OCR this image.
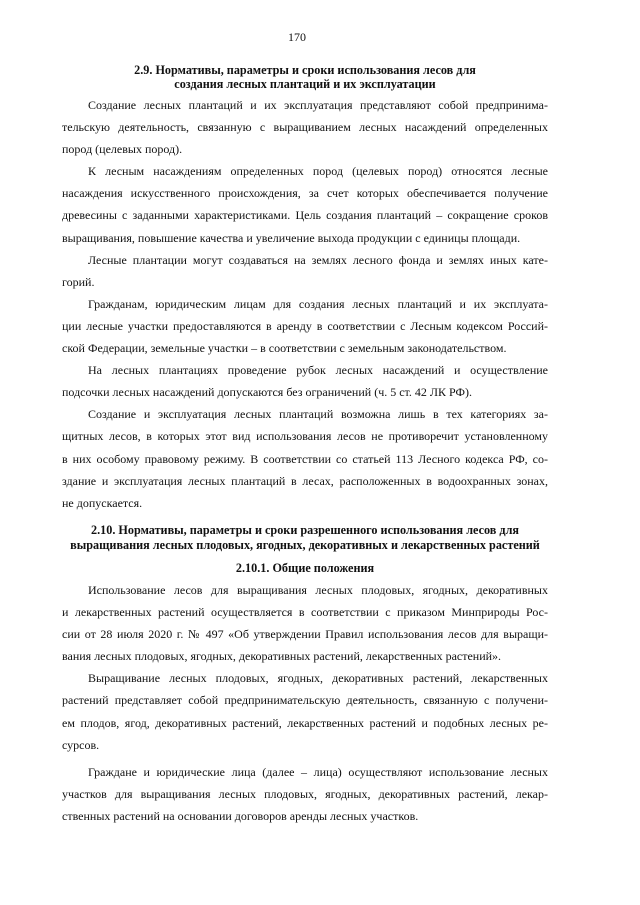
170
2.9. Нормативы, параметры и сроки использования лесов для
создания лесных плантаций и их эксплуатации
Создание лесных плантаций и их эксплуатация представляют собой предпринима-
тельскую деятельность, связанную с выращиванием лесных насаждений определенных
пород (целевых пород).
К лесным насаждениям определенных пород (целевых пород) относятся лесные
насаждения искусственного происхождения, за счет которых обеспечивается получение
древесины с заданными характеристиками. Цель создания плантаций – сокращение сроков
выращивания, повышение качества и увеличение выхода продукции с единицы площади.
Лесные плантации могут создаваться на землях лесного фонда и землях иных кате-
горий.
Гражданам, юридическим лицам для создания лесных плантаций и их эксплуата-
ции лесные участки предоставляются в аренду в соответствии с Лесным кодексом Россий-
ской Федерации, земельные участки – в соответствии с земельным законодательством.
На лесных плантациях проведение рубок лесных насаждений и осуществление
подсочки лесных насаждений допускаются без ограничений (ч. 5 ст. 42 ЛК РФ).
Создание и эксплуатация лесных плантаций возможна лишь в тех категориях за-
щитных лесов, в которых этот вид использования лесов не противоречит установленному
в них особому правовому режиму. В соответствии со статьей 113 Лесного кодекса РФ, со-
здание и эксплуатация лесных плантаций в лесах, расположенных в водоохранных зонах,
не допускается.
2.10. Нормативы, параметры и сроки разрешенного использования лесов для
выращивания лесных плодовых, ягодных, декоративных и лекарственных растений
2.10.1. Общие положения
Использование лесов для выращивания лесных плодовых, ягодных, декоративных
и лекарственных растений осуществляется в соответствии с приказом Минприроды Рос-
сии от 28 июля 2020 г. № 497 «Об утверждении Правил использования лесов для выращи-
вания лесных плодовых, ягодных, декоративных растений, лекарственных растений».
Выращивание лесных плодовых, ягодных, декоративных растений, лекарственных
растений представляет собой предпринимательскую деятельность, связанную с получени-
ем плодов, ягод, декоративных растений, лекарственных растений и подобных лесных ре-
сурсов.
Граждане и юридические лица (далее – лица) осуществляют использование лесных
участков для выращивания лесных плодовых, ягодных, декоративных растений, лекар-
ственных растений на основании договоров аренды лесных участков.
